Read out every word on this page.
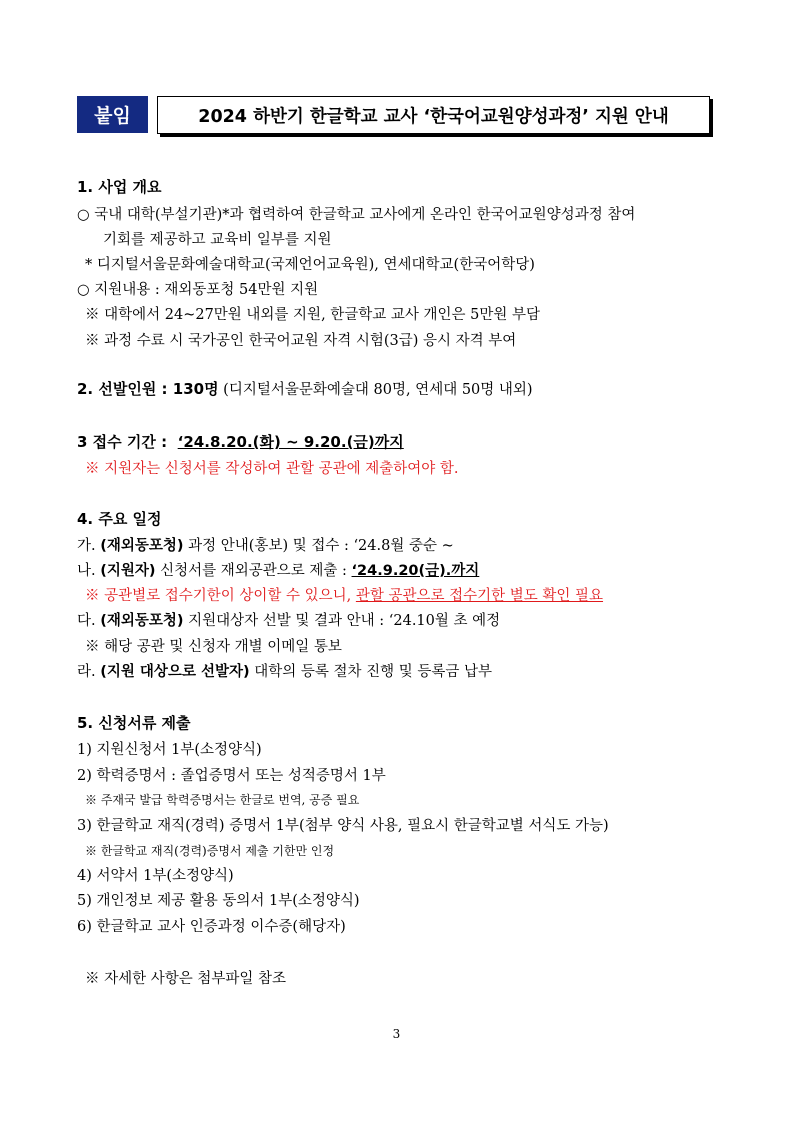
붙임	2024 하반기 한글학교 교사 ‘한국어교원양성과정’ 지원 안내
1. 사업 개요
○ 국내 대학(부설기관)*과 협력하여 한글학교 교사에게 온라인 한국어교원양성과정 참여
기회를 제공하고 교육비 일부를 지원
* 디지털서울문화예술대학교(국제언어교육원), 연세대학교(한국어학당)
○ 지원내용 : 재외동포청 54만원 지원
※ 대학에서 24~27만원 내외를 지원, 한글학교 교사 개인은 5만원 부담
※ 과정 수료 시 국가공인 한국어교원 자격 시험(3급) 응시 자격 부여
2. 선발인원 : 130명 (디지털서울문화예술대 80명, 연세대 50명 내외)
3 접수 기간 : ‘24.8.20.(화) ~ 9.20.(금)까지
※ 지원자는 신청서를 작성하여 관할 공관에 제출하여야 함.
4. 주요 일정
가. (재외동포청) 과정 안내(홍보) 및 접수 : ‘24.8월 중순 ~
나. (지원자) 신청서를 재외공관으로 제출 : ‘24.9.20(금).까지
※ 공관별로 접수기한이 상이할 수 있으니, 관할 공관으로 접수기한 별도 확인 필요
다. (재외동포청) 지원대상자 선발 및 결과 안내 : ‘24.10월 초 예정
※ 해당 공관 및 신청자 개별 이메일 통보
라. (지원 대상으로 선발자) 대학의 등록 절차 진행 및 등록금 납부
5. 신청서류 제출
1) 지원신청서 1부(소정양식)
2) 학력증명서 : 졸업증명서 또는 성적증명서 1부
※ 주재국 발급 학력증명서는 한글로 번역, 공증 필요
3) 한글학교 재직(경력) 증명서 1부(첨부 양식 사용, 필요시 한글학교별 서식도 가능)
※ 한글학교 재직(경력)증명서 제출 기한만 인정
4) 서약서 1부(소정양식)
5) 개인정보 제공 활용 동의서 1부(소정양식)
6) 한글학교 교사 인증과정 이수증(해당자)
※ 자세한 사항은 첨부파일 참조
3
